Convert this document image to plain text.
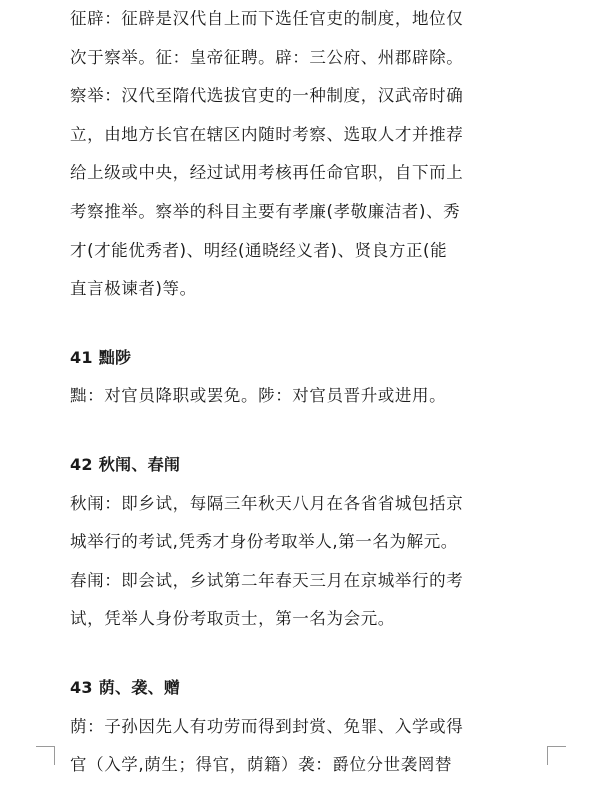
征辟：征辟是汉代自上而下选任官吏的制度，地位仅
次于察举。征：皇帝征聘。辟：三公府、州郡辟除。
察举：汉代至隋代选拔官吏的一种制度，汉武帝时确
立，由地方长官在辖区内随时考察、选取人才并推荐
给上级或中央，经过试用考核再任命官职，自下而上
考察推举。察举的科目主要有孝廉(孝敬廉洁者)、秀
才(才能优秀者)、明经(通晓经义者)、贤良方正(能
直言极谏者)等。
41 黜陟
黜：对官员降职或罢免。陟：对官员晋升或进用。
42 秋闱、春闱
秋闱：即乡试，每隔三年秋天八月在各省省城包括京
城举行的考试,凭秀才身份考取举人,第一名为解元。
春闱：即会试，乡试第二年春天三月在京城举行的考
试，凭举人身份考取贡士，第一名为会元。
43 荫、袭、赠
荫：子孙因先人有功劳而得到封赏、免罪、入学或得
官（入学,荫生；得官，荫籍）袭：爵位分世袭罔替
